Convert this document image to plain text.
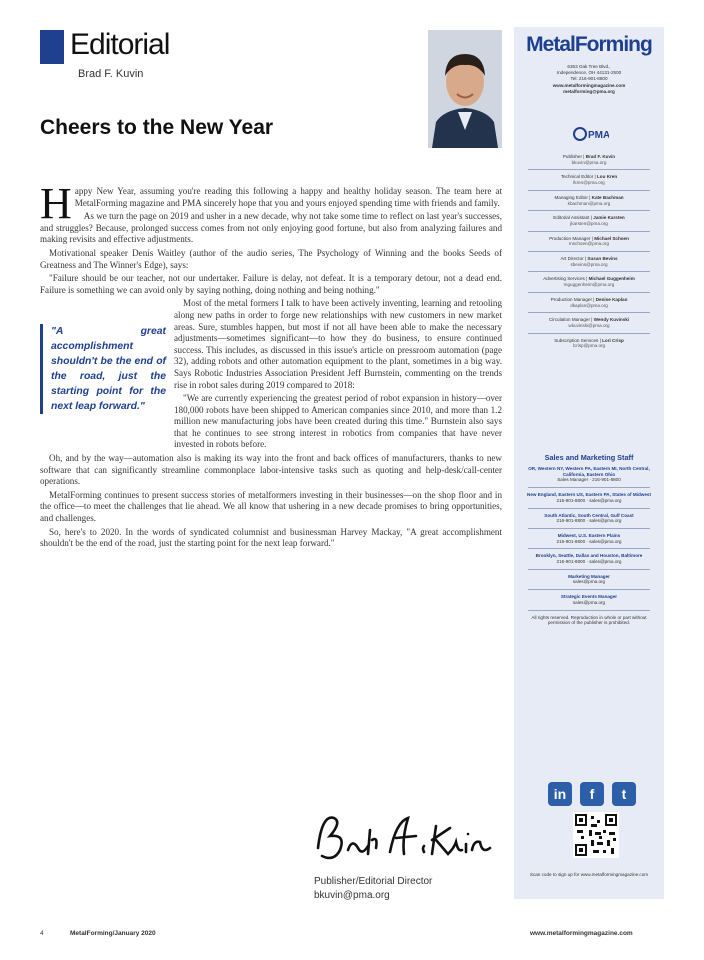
Editorial
Brad F. Kuvin
Cheers to the New Year

Happy New Year, assuming you're reading this following a happy and healthy holiday season. The team here at MetalForming magazine and PMA sincerely hope that you and yours enjoyed spending time with friends and family.

As we turn the page on 2019 and usher in a new decade, why not take some time to reflect on last year's successes, and struggles? Because, prolonged success comes from not only enjoying good fortune, but also from analyzing failures and making revisits and effective adjustments.

Motivational speaker Denis Waitley (author of the audio series, The Psychology of Winning and the books Seeds of Greatness and The Winner's Edge), says:

"Failure should be our teacher, not our undertaker. Failure is delay, not defeat. It is a temporary detour, not a dead end. Failure is something we can avoid only by saying nothing, doing nothing and being nothing."

"A great accomplishment shouldn't be the end of the road, just the starting point for the next leap forward."

Most of the metal formers I talk to have been actively inventing, learning and retooling along new paths in order to forge new relationships with new customers in new market areas. Sure, stumbles happen, but most if not all have been able to make the necessary adjustments—sometimes significant—to how they do business, to ensure continued success. This includes, as discussed in this issue's article on pressroom automation (page 32), adding robots and other automation equipment to the plant, sometimes in a big way. Says Robotic Industries Association President Jeff Burnstein, commenting on the trends rise in robot sales during 2019 compared to 2018:

"We are currently experiencing the greatest period of robot expansion in history—over 180,000 robots have been shipped to American companies since 2010, and more than 1.2 million new manufacturing jobs have been created during this time." Burnstein also says that he continues to see strong interest in robotics from companies that have never invested in robots before.

Oh, and by the way—automation also is making its way into the front and back offices of manufacturers, thanks to new software that can significantly streamline commonplace labor-intensive tasks such as quoting and help-desk/call-center operations.

MetalForming continues to present success stories of metalformers investing in their businesses—on the shop floor and in the office—to meet the challenges that lie ahead. We all know that ushering in a new decade promises to bring opportunities, and challenges.

So, here's to 2020. In the words of syndicated columnist and businessman Harvey Mackay, "A great accomplishment shouldn't be the end of the road, just the starting point for the next leap forward."

Publisher/Editorial Director
bkuvin@pma.org
4	MetalForming/January 2020	www.metalformingmagazine.com
MetalForming
6363 Oak Tree Blvd.,
Independence, OH 44131-2500
Tel: 216-901-8800
www.metalformingmagazine.com
metalforming@pma.org
PMA
Publisher | Brad F. Kuvin
bkuvin@pma.org
Technical Editor | Lou Kren
lkren@pma.org
Managing Editor | Kate Bachman
kbachman@pma.org
Editorial Assistant | Jamie Karsten
jkarsten@pma.org
Production Manager | Michael Schoen
mschoen@pma.org
Art Director | Susan Bevins
sbevins@pma.org
Advertising Services | Michael Guggenheim
mguggenheim@pma.org
Production Manager | Denise Kaplan
dkaplan@pma.org
Circulation Manager | Wendy Kuvinski
wkuvinski@pma.org
Subscription Services | Lori Crisp
lcrisp@pma.org
Sales and Marketing Staff
OR, Western NY, Western PA, Eastern MI, North Central, California, Eastern Ohio
Sales Manager · 216-901-8800
New England, Eastern US, Eastern PA, States of Midwest
216-901-8800 · sales@pma.org
South Atlantic, South Central, Gulf Coast
216-901-8800 · sales@pma.org
Midwest, U.S. Eastern Plains
216-901-8800 · sales@pma.org
Brooklyn, Seattle, Dallas and Houston, Baltimore
216-901-8800 · sales@pma.org
Marketing Manager
sales@pma.org
Strategic Events Manager
sales@pma.org
All rights reserved. Reproduction in whole or part without permission of the publisher is prohibited.
in	f	t
Scan code to sign up for www.metalformingmagazine.com
